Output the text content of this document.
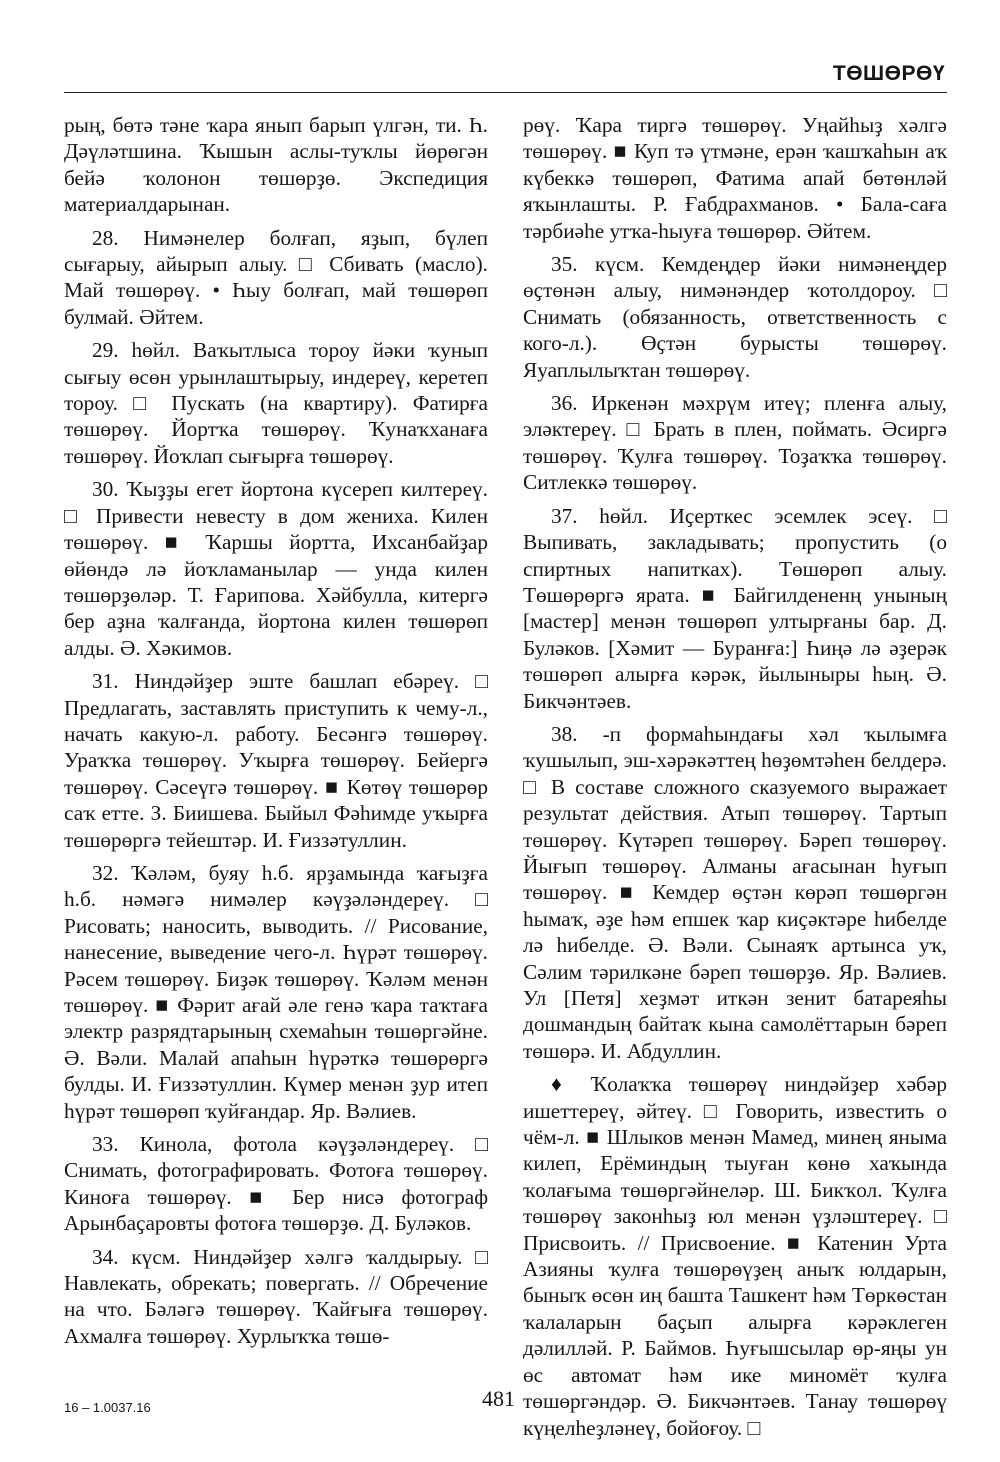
ТӨШӨРӨҮ

рың, бөтә тәне ҡара янып барып үлгән, ти. Һ. Дәүләтшина. Ҡышын аслы-туҡлы йөрөгән бейә ҡолонон төшөрҙө. Экспедиция материалдарынан.

28. Нимәнелер болғап, яҙып, бүлеп сығарыу, айырып алыу. □ Сбивать (масло). Май төшөрөү. • Һыу болғап, май төшөрөп булмай. Әйтем.

29. һөйл. Ваҡытлыса тороу йәки ҡунып сығыу өсөн урынлаштырыу, индереү, керетеп тороу. □ Пускать (на квартиру). Фатирға төшөрөү. Йортҡа төшөрөү. Ҡунаҡханаға төшөрөү. Йоҡлап сығырға төшөрөү.

30. Ҡыҙҙы егет йортона күсереп килтереү. □ Привести невесту в дом жениха. Килен төшөрөү. ■ Ҡаршы йортта, Ихсанбайҙар өйөндә лә йоҡламанылар — унда килен төшөрҙөләр. Т. Ғарипова. Хәйбулла, китергә бер аҙна ҡалғанда, йортона килен төшөрөп алды. Ә. Хәкимов.

31. Ниндәйҙер эште башлап ебәреү. □ Предлагать, заставлять приступить к чему-л., начать какую-л. работу. Бесәнгә төшөрөү. Ураҡҡа төшөрөү. Уҡырға төшөрөү. Бейергә төшөрөү. Сәсеүгә төшөрөү. ■ Көтөү төшөрөр саҡ етте. З. Биишева. Быйыл Фәһимде уҡырға төшөрөргә тейештәр. И. Ғиззәтуллин.

32. Ҡәләм, буяу һ.б. ярҙамында ҡағыҙға һ.б. нәмәгә нимәлер кәүҙәләндереү. □ Рисовать; наносить, выводить. // Рисование, нанесение, выведение чего-л. Һүрәт төшөрөү. Рәсем төшөрөү. Биҙәк төшөрөү. Ҡәләм менән төшөрөү. ■ Фәрит ағай әле генә ҡара таҡтаға электр разрядтарының схемаһын төшөргәйне. Ә. Вәли. Малай апаһын һүрәткә төшөрөргә булды. И. Ғиззәтуллин. Күмер менән ҙур итеп һүрәт төшөрөп ҡуйғандар. Яр. Вәлиев.

33. Кинола, фотола кәүҙәләндереү. □ Снимать, фотографировать. Фотоға төшөрөү. Киноға төшөрөү. ■ Бер нисә фотограф Арынбаҫаровты фотоға төшөрҙө. Д. Буләков.

34. күсм. Ниндәйҙер хәлгә ҡалдырыу. □ Навлекать, обрекать; повергать. // Обречение на что. Бәләгә төшөрөү. Ҡайғыға төшөрөү. Ахмалға төшөрөү. Хурлыҡҡа төшө-

рөү. Ҡара тиргә төшөрөү. Уңайһыҙ хәлгә төшөрөү. ■ Куп тә үтмәне, ерән ҡашҡаһын аҡ күбеккә төшөрөп, Фатима апай бөтөнләй яҡынлашты. Р. Ғабдрахманов. • Бала-саға тәрбиәһе утҡа-һыуға төшөрөр. Әйтем.

35. күсм. Кемдеңдер йәки нимәнеңдер өҫтөнән алыу, нимәнәндер ҡотолдороу. □ Снимать (обязанность, ответственность с кого-л.). Өҫтән бурысты төшөрөү. Яуаплылыҡтан төшөрөү.

36. Иркенән мәхрүм итеү; пленға алыу, эләктереү. □ Брать в плен, поймать. Әсиргә төшөрөү. Ҡулға төшөрөү. Тоҙаҡҡа төшөрөү. Ситлеккә төшөрөү.

37. һөйл. Иҫерткес эсемлек эсеү. □ Выпивать, закладывать; пропустить (о спиртных напитках). Төшөрөп алыу. Төшөрөргә ярата. ■ Байгилдененң унының [мастер] менән төшөрөп ултырғаны бар. Д. Буләков. [Хәмит — Буранға:] Һиңә лә әҙерәк төшөрөп алырға кәрәк, йылыныры һың. Ә. Бикчәнтәев.

38. -п формаһындағы хәл ҡылымға ҡушылып, эш-хәрәкәттең һөҙөмтәһен белдерә. □ В составе сложного сказуемого выражает результат действия. Атып төшөрөү. Тартып төшөрөү. Күтәреп төшөрөү. Бәреп төшөрөү. Йығып төшөрөү. Алманы ағасынан һуғып төшөрөү. ■ Кемдер өҫтән көрәп төшөргән һымаҡ, әҙе һәм епшек ҡар киҫәктәре һибелде лә һибелде. Ә. Вәли. Сынаяҡ артынса уҡ, Сәлим тәрилкәне бәреп төшөрҙө. Яр. Вәлиев. Ул [Петя] хеҙмәт иткән зенит батареяһы дошмандың байтаҡ кына самолёттарын бәреп төшөрә. И. Абдуллин.

♦ Ҡолаҡҡа төшөрөү ниндәйҙер хәбәр ишеттереү, әйтеү. □ Говорить, известить о чём-л. ■ Шлыков менән Мамед, минең яныма килеп, Ерёминдың тыуған көнө хаҡында ҡолағыма төшөргәйнеләр. Ш. Бикҡол. Ҡулға төшөрөү законһыҙ юл менән үҙләштереү. □ Присвоить. // Присвоение. ■ Катенин Урта Азияны ҡулға төшөрөүҙең аныҡ юлдарын, быныҡ өсөн иң башта Ташкент һәм Төркөстан ҡалаларын баҫып алырға кәрәклеген дәлилләй. Р. Баймов. Һуғышсылар өр-яңы ун өс автомат һәм ике миномёт ҡулға төшөргәндәр. Ә. Бикчәнтәев. Танау төшөрөү күңелһеҙләнеү, бойоғоу. □

16 – 1.0037.16	481
